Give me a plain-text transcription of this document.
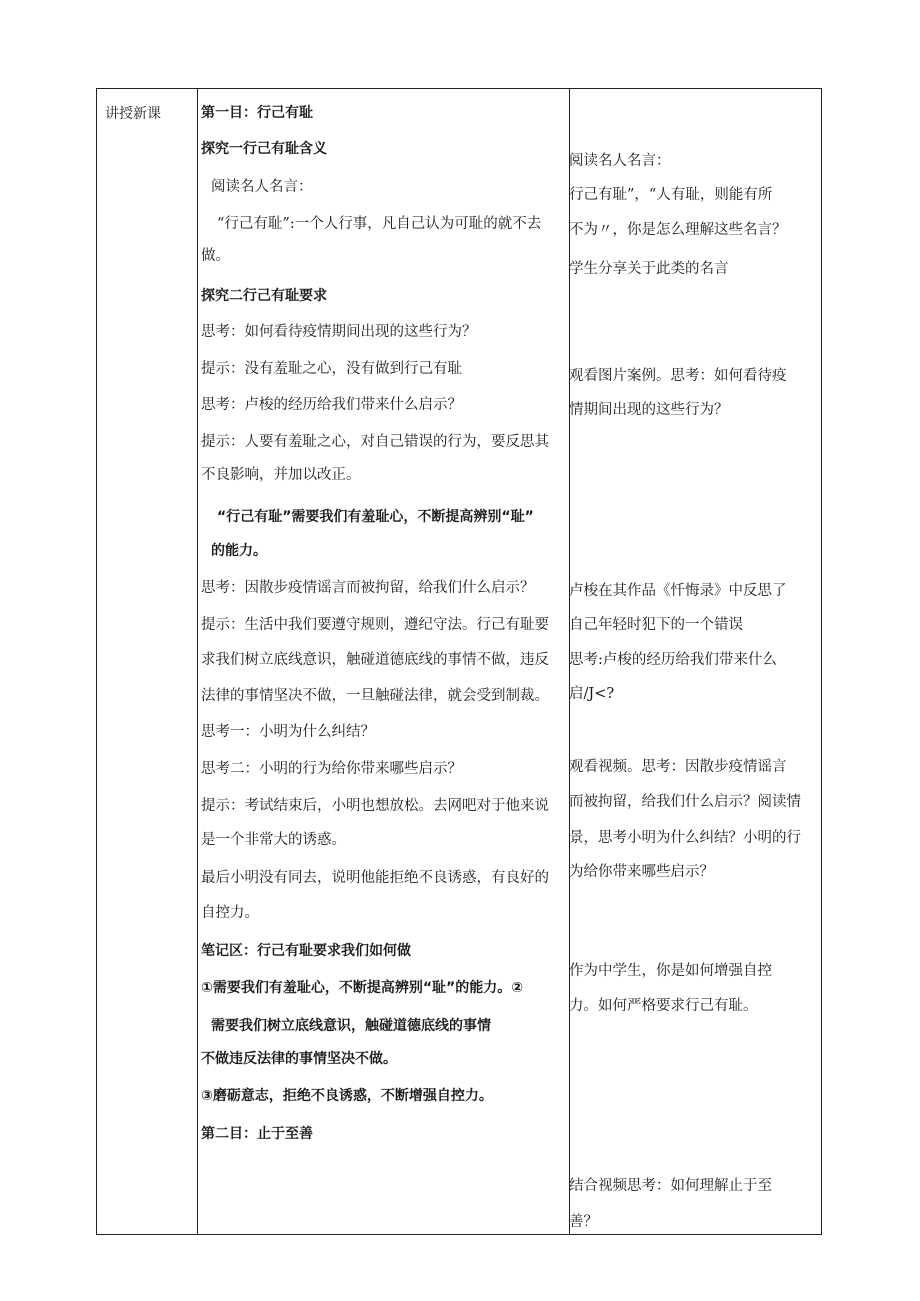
讲授新课	第一目：行己有耻
探究一行己有耻含义
阅读名人名言：
“行己有耻”:一个人行事，凡自己认为可耻的就不去
做。
探究二行己有耻要求
思考：如何看待疫情期间出现的这些行为？
提示：没有羞耻之心，没有做到行己有耻
思考：卢梭的经历给我们带来什么启示？
提示：人要有羞耻之心，对自己错误的行为，要反思其
不良影响，并加以改正。
“行己有耻”需要我们有羞耻心，不断提高辨别“耻”
的能力。
思考：因散步疫情谣言而被拘留，给我们什么启示？
提示：生活中我们要遵守规则，遵纪守法。行己有耻要
求我们树立底线意识，触碰道德底线的事情不做，违反
法律的事情坚决不做，一旦触碰法律，就会受到制裁。
思考一：小明为什么纠结？
思考二：小明的行为给你带来哪些启示？
提示：考试结束后，小明也想放松。去网吧对于他来说
是一个非常大的诱惑。
最后小明没有同去，说明他能拒绝不良诱惑，有良好的
自控力。
笔记区：行己有耻要求我们如何做
①需要我们有羞耻心，不断提高辨别“耻”的能力。②
需要我们树立底线意识，触碰道德底线的事情
不做违反法律的事情坚决不做。
③磨砺意志，拒绝不良诱惑，不断增强自控力。
第二目：止于至善
阅读名人名言：
行己有耻”，“人有耻，则能有所
不为〃，你是怎么理解这些名言？
学生分享关于此类的名言
观看图片案例。思考：如何看待疫
情期间出现的这些行为？
卢梭在其作品《忏悔录》中反思了
自己年轻时犯下的一个错误
思考:卢梭的经历给我们带来什么
启/J<?
观看视频。思考：因散步疫情谣言
而被拘留，给我们什么启示？阅读情
景，思考小明为什么纠结？小明的行
为给你带来哪些启示？
作为中学生，你是如何增强自控
力。如何严格要求行己有耻。
结合视频思考：如何理解止于至
善？
